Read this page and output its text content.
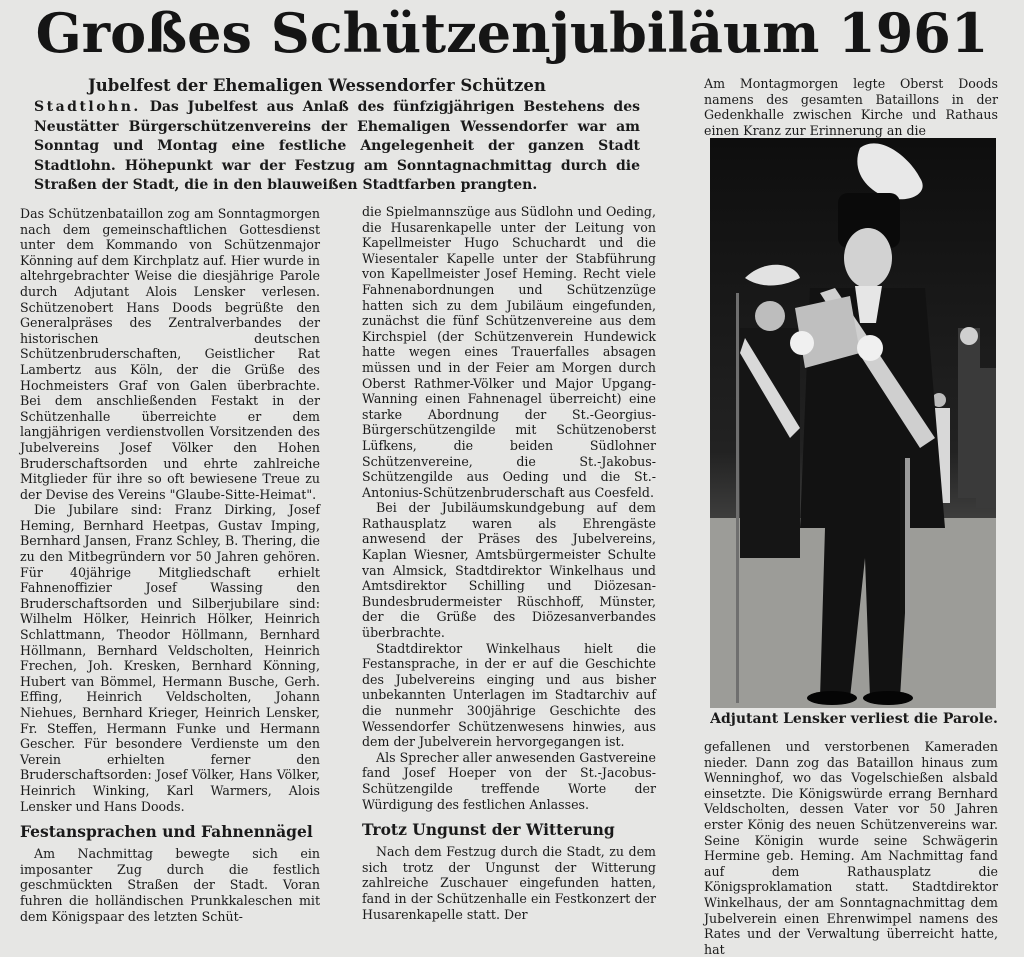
Großes Schützenjubiläum 1961
Jubelfest der Ehemaligen Wessendorfer Schützen
Stadtlohn. Das Jubelfest aus Anlaß des fünfzigjährigen Bestehens des Neustätter Bürgerschützenvereins der Ehemaligen Wessendorfer war am Sonntag und Montag eine festliche Angelegenheit der ganzen Stadt Stadtlohn. Höhepunkt war der Festzug am Sonntagnachmittag durch die Straßen der Stadt, die in den blauweißen Stadtfarben prangten.

Das Schützenbataillon zog am Sonntagmorgen nach dem gemeinschaftlichen Gottesdienst unter dem Kommando von Schützenmajor Könning auf dem Kirchplatz auf. Hier wurde in altehrgebrachter Weise die diesjährige Parole durch Adjutant Alois Lensker verlesen. Schützenobert Hans Doods begrüßte den Generalpräses des Zentralverbandes der historischen deutschen Schützenbruderschaften, Geistlicher Rat Lambertz aus Köln, der die Grüße des Hochmeisters Graf von Galen überbrachte. Bei dem anschließenden Festakt in der Schützenhalle überreichte er dem langjährigen verdienstvollen Vorsitzenden des Jubelvereins Josef Völker den Hohen Bruderschaftsorden und ehrte zahlreiche Mitglieder für ihre so oft bewiesene Treue zu der Devise des Vereins "Glaube-Sitte-Heimat".

Die Jubilare sind: Franz Dirking, Josef Heming, Bernhard Heetpas, Gustav Imping, Bernhard Jansen, Franz Schley, B. Thering, die zu den Mitbegründern vor 50 Jahren gehören. Für 40jährige Mitgliedschaft erhielt Fahnenoffizier Josef Wassing den Bruderschaftsorden und Silberjubilare sind: Wilhelm Hölker, Heinrich Hölker, Heinrich Schlattmann, Theodor Höllmann, Bernhard Höllmann, Bernhard Veldscholten, Heinrich Frechen, Joh. Kresken, Bernhard Könning, Hubert van Bömmel, Hermann Busche, Gerh. Effing, Heinrich Veldscholten, Johann Niehues, Bernhard Krieger, Heinrich Lensker, Fr. Steffen, Hermann Funke und Hermann Gescher. Für besondere Verdienste um den Verein erhielten ferner den Bruderschaftsorden: Josef Völker, Hans Völker, Heinrich Winking, Karl Warmers, Alois Lensker und Hans Doods.

Festansprachen und Fahnennägel

Am Nachmittag bewegte sich ein imposanter Zug durch die festlich geschmückten Straßen der Stadt. Voran fuhren die holländischen Prunkkaleschen mit dem Königspaar des letzten Schüt-

die Spielmannszüge aus Südlohn und Oeding, die Husarenkapelle unter der Leitung von Kapellmeister Hugo Schuchardt und die Wiesentaler Kapelle unter der Stabführung von Kapellmeister Josef Heming. Recht viele Fahnenabordnungen und Schützenzüge hatten sich zu dem Jubiläum eingefunden, zunächst die fünf Schützenvereine aus dem Kirchspiel (der Schützenverein Hundewick hatte wegen eines Trauerfalles absagen müssen und in der Feier am Morgen durch Oberst Rathmer-Völker und Major Upgang-Wanning einen Fahnenagel überreicht) eine starke Abordnung der St.-Georgius-Bürgerschützengilde mit Schützenoberst Lüfkens, die beiden Südlohner Schützenvereine, die St.-Jakobus-Schützengilde aus Oeding und die St.-Antonius-Schützenbruderschaft aus Coesfeld.

Bei der Jubiläumskundgebung auf dem Rathausplatz waren als Ehrengäste anwesend der Präses des Jubelvereins, Kaplan Wiesner, Amtsbürgermeister Schulte van Almsick, Stadtdirektor Winkelhaus und Amtsdirektor Schilling und Diözesan-Bundesbrudermeister Rüschhoff, Münster, der die Grüße des Diözesanverbandes überbrachte.

Stadtdirektor Winkelhaus hielt die Festansprache, in der er auf die Geschichte des Jubelvereins einging und aus bisher unbekannten Unterlagen im Stadtarchiv auf die nunmehr 300jährige Geschichte des Wessendorfer Schützenwesens hinwies, aus dem der Jubelverein hervorgegangen ist.

Als Sprecher aller anwesenden Gastvereine fand Josef Hoeper von der St.-Jacobus-Schützengilde treffende Worte der Würdigung des festlichen Anlasses.

Trotz Ungunst der Witterung

Nach dem Festzug durch die Stadt, zu dem sich trotz der Ungunst der Witterung zahlreiche Zuschauer eingefunden hatten, fand in der Schützenhalle ein Festkonzert der Husarenkapelle statt. Der

Am Montagmorgen legte Oberst Doods namens des gesamten Bataillons in der Gedenkhalle zwischen Kirche und Rathaus einen Kranz zur Erinnerung an die

Adjutant Lensker verliest die Parole.

gefallenen und verstorbenen Kameraden nieder. Dann zog das Bataillon hinaus zum Wenninghof, wo das Vogelschießen alsbald einsetzte. Die Königswürde errang Bernhard Veldscholten, dessen Vater vor 50 Jahren erster König des neuen Schützenvereins war. Seine Königin wurde seine Schwägerin Hermine geb. Heming. Am Nachmittag fand auf dem Rathausplatz die Königsproklamation statt. Stadtdirektor Winkelhaus, der am Sonntagnachmittag dem Jubelverein einen Ehrenwimpel namens des Rates und der Verwaltung überreicht hatte, hat
